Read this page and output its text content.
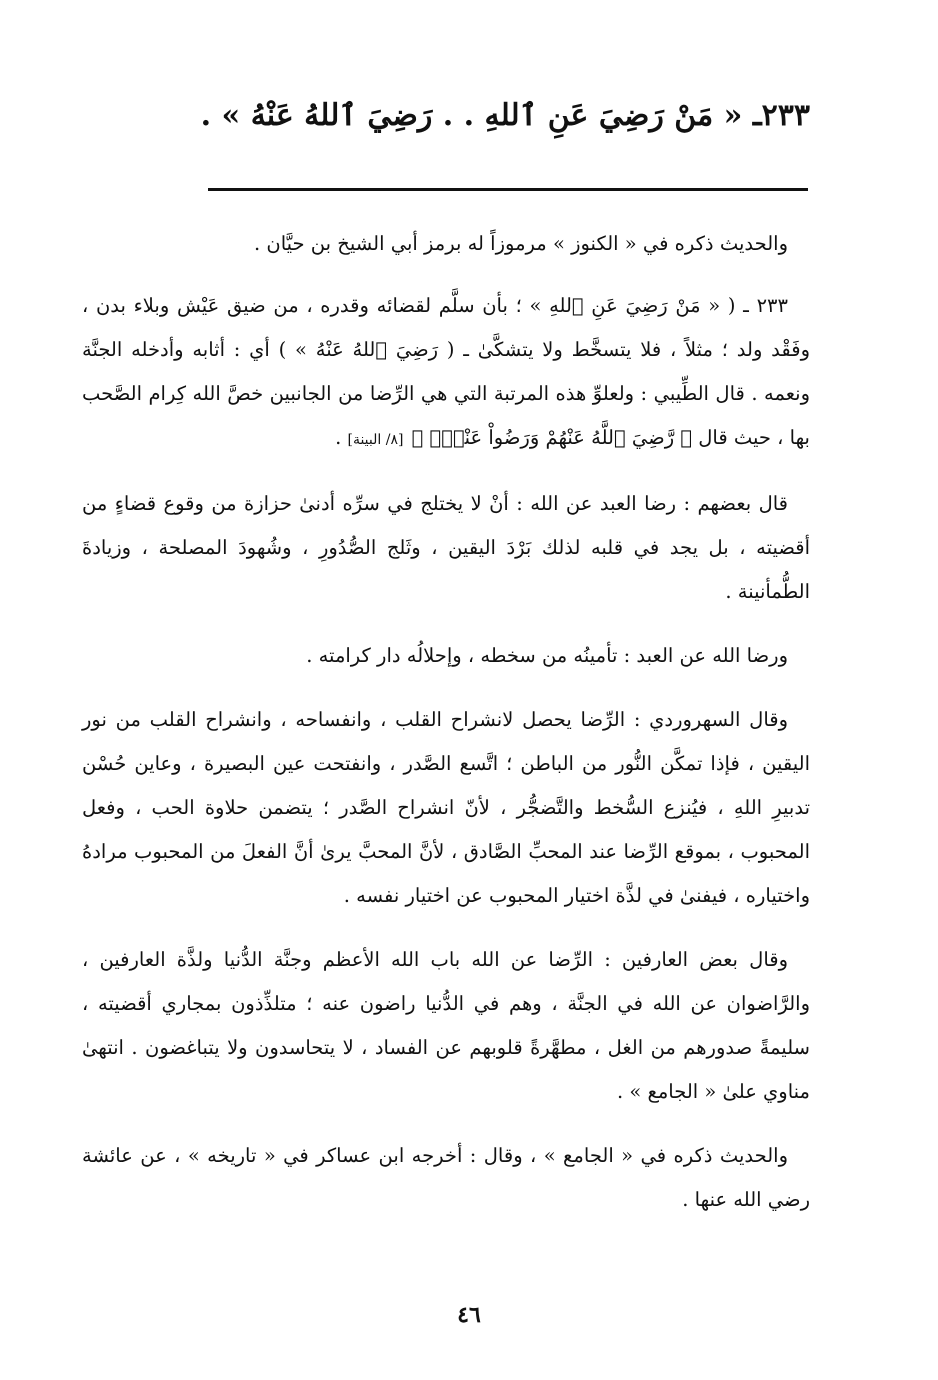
٢٣٣ـ « مَنْ رَضِيَ عَنِ ٱللهِ . . رَضِيَ ٱللهُ عَنْهُ » .

والحديث ذكره في « الكنوز » مرموزاً له برمز أبي الشيخ بن حيَّان .

٢٣٣ ـ ( « مَنْ رَضِيَ عَنِ ٱللهِ » ؛ بأن سلَّم لقضائه وقدره ، من ضيق عَيْش وبلاء بدن ، وفَقْد ولد ؛ مثلاً ، فلا يتسخَّط ولا يتشكَّىٰ ـ ( رَضِيَ ٱللهُ عَنْهُ » ) أي : أثابه وأدخله الجنَّة ونعمه . قال الطِّيبي : ولعلوِّ هذه المرتبة التي هي الرِّضا من الجانبين خصَّ الله كِرام الصَّحب بها ، حيث قال ﴿ رَّضِيَ ٱللَّهُ عَنْهُمْ وَرَضُواْ عَنْهُۚ ﴾ [٨/ البينة] .

قال بعضهم : رضا العبد عن الله : أنْ لا يختلج في سرِّه أدنىٰ حزازة من وقوع قضاءٍ من أقضيته ، بل يجد في قلبه لذلك بَرْدَ اليقين ، وثَلج الصُّدُورِ ، وشُهودَ المصلحة ، وزيادةَ الطُّمأنينة .

ورضا الله عن العبد : تأمينُه من سخطه ، وإحلالُه دار كرامته .

وقال السهروردي : الرِّضا يحصل لانشراح القلب ، وانفساحه ، وانشراح القلب من نور اليقين ، فإذا تمكَّن النُّور من الباطن ؛ اتَّسع الصَّدر ، وانفتحت عين البصيرة ، وعاين حُسْن تدبيرِ اللهِ ، فيُنزع السُّخط والتَّضجُّر ، لأنّ انشراح الصَّدر ؛ يتضمن حلاوة الحب ، وفعل المحبوب ، بموقع الرِّضا عند المحبِّ الصَّادق ، لأنَّ المحبَّ يرىٰ أنَّ الفعلَ من المحبوب مرادهُ واختياره ، فيفنىٰ في لذَّة اختيار المحبوب عن اختيار نفسه .

وقال بعض العارفين : الرِّضا عن الله باب الله الأعظم وجنَّة الدُّنيا ولذَّة العارفين ، والرَّاضوان عن الله في الجنَّة ، وهم في الدُّنيا راضون عنه ؛ متلذِّذون بمجاري أقضيته ، سليمةً صدورهم من الغل ، مطهَّرةً قلوبهم عن الفساد ، لا يتحاسدون ولا يتباغضون . انتهىٰ مناوي علىٰ « الجامع » .

والحديث ذكره في « الجامع » ، وقال : أخرجه ابن عساكر في « تاريخه » ، عن عائشة رضي الله عنها .

٤٦
